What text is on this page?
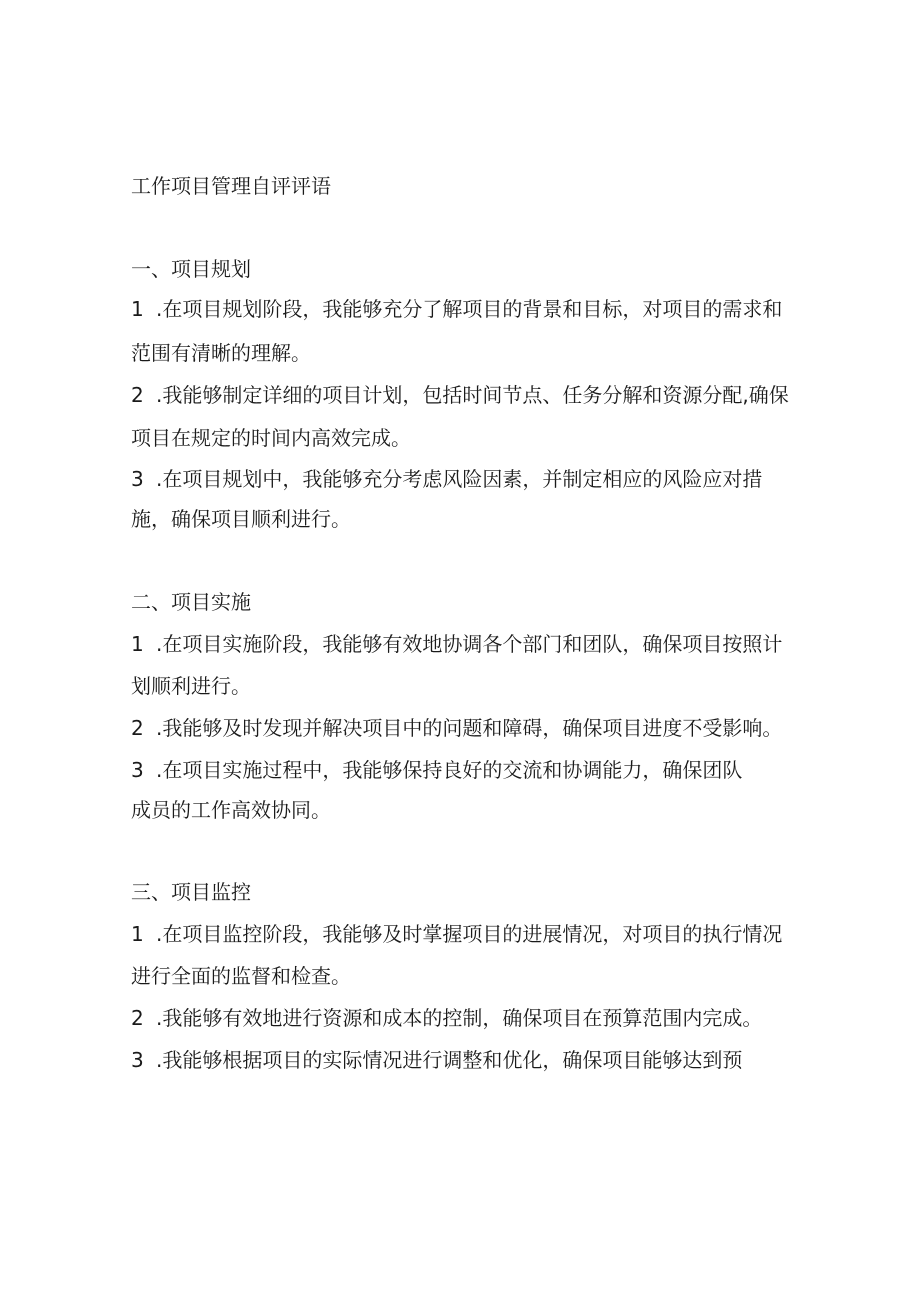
工作项目管理自评评语
一、项目规划
1 .在项目规划阶段，我能够充分了解项目的背景和目标，对项目的需求和
范围有清晰的理解。
2 .我能够制定详细的项目计划，包括时间节点、任务分解和资源分配,确保
项目在规定的时间内高效完成。
3 .在项目规划中，我能够充分考虑风险因素，并制定相应的风险应对措
施，确保项目顺利进行。
二、项目实施
1 .在项目实施阶段，我能够有效地协调各个部门和团队，确保项目按照计
划顺利进行。
2 .我能够及时发现并解决项目中的问题和障碍，确保项目进度不受影响。
3 .在项目实施过程中，我能够保持良好的交流和协调能力，确保团队
成员的工作高效协同。
三、项目监控
1 .在项目监控阶段，我能够及时掌握项目的进展情况，对项目的执行情况
进行全面的监督和检查。
2 .我能够有效地进行资源和成本的控制，确保项目在预算范围内完成。
3 .我能够根据项目的实际情况进行调整和优化，确保项目能够达到预
